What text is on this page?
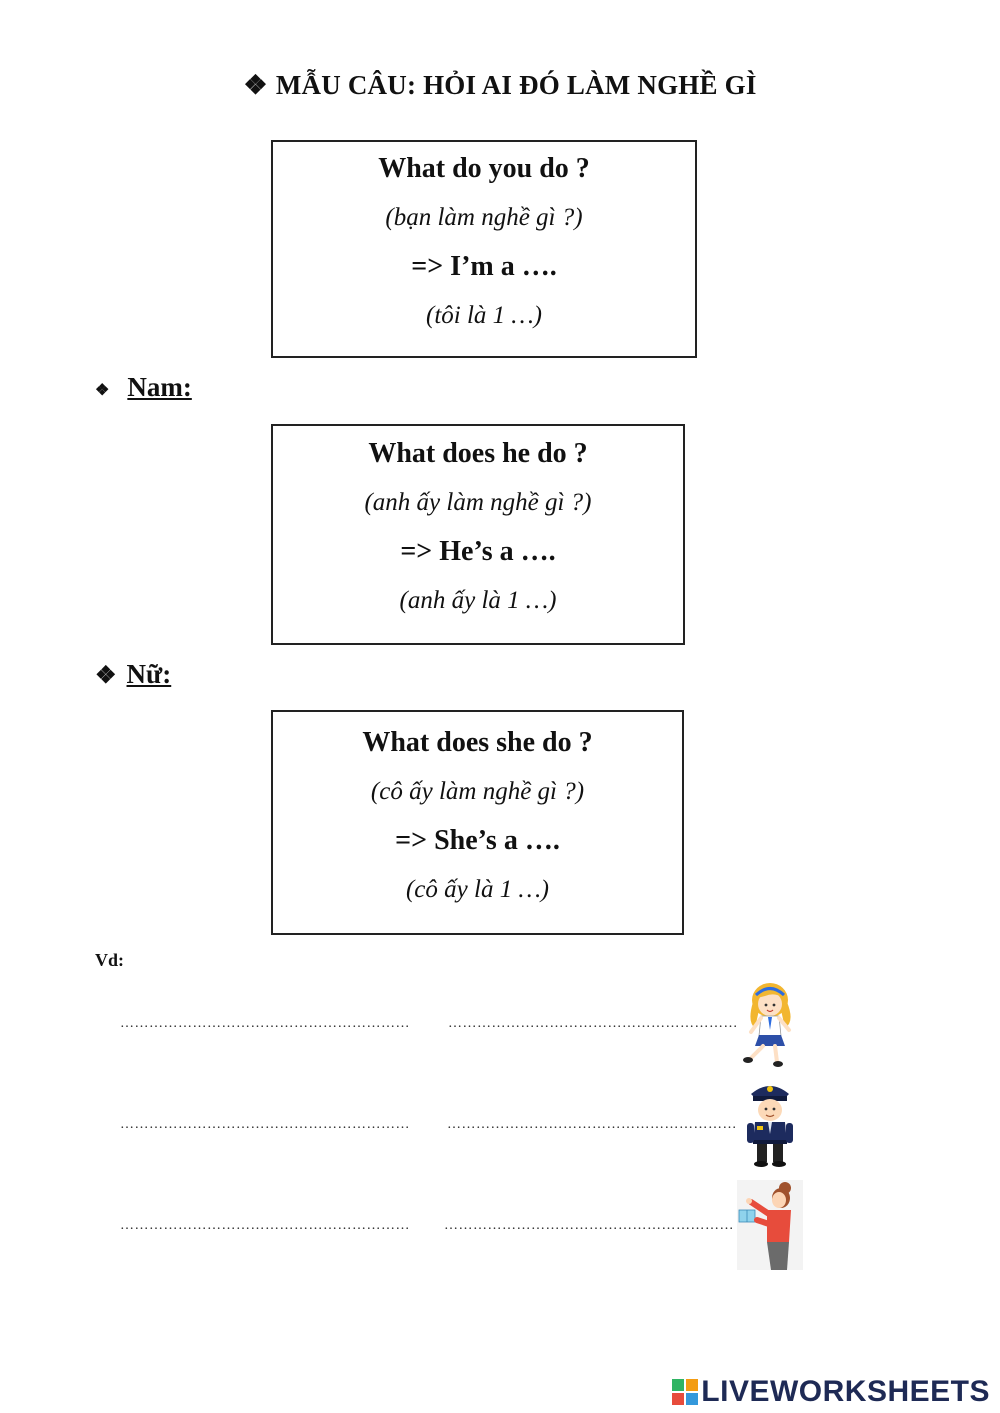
❖ MẪU CÂU: HỎI AI ĐÓ LÀM NGHỀ GÌ
What do you do ?
(bạn làm nghề gì ?)
=> I’m a ….
(tôi là 1 …)
❖ Nam:
What does he do ?
(anh ấy làm nghề gì ?)
=> He’s a ….
(anh ấy là 1 …)
❖ Nữ:
What does she do ?
(cô ấy làm nghề gì ?)
=> She’s a ….
(cô ấy là 1 …)
Vd:
……………………………………………………	……………………………………………………
……………………………………………………	……………………………………………………
…………………………………………………… ……………………………………………………
LIVEWORKSHEETS
